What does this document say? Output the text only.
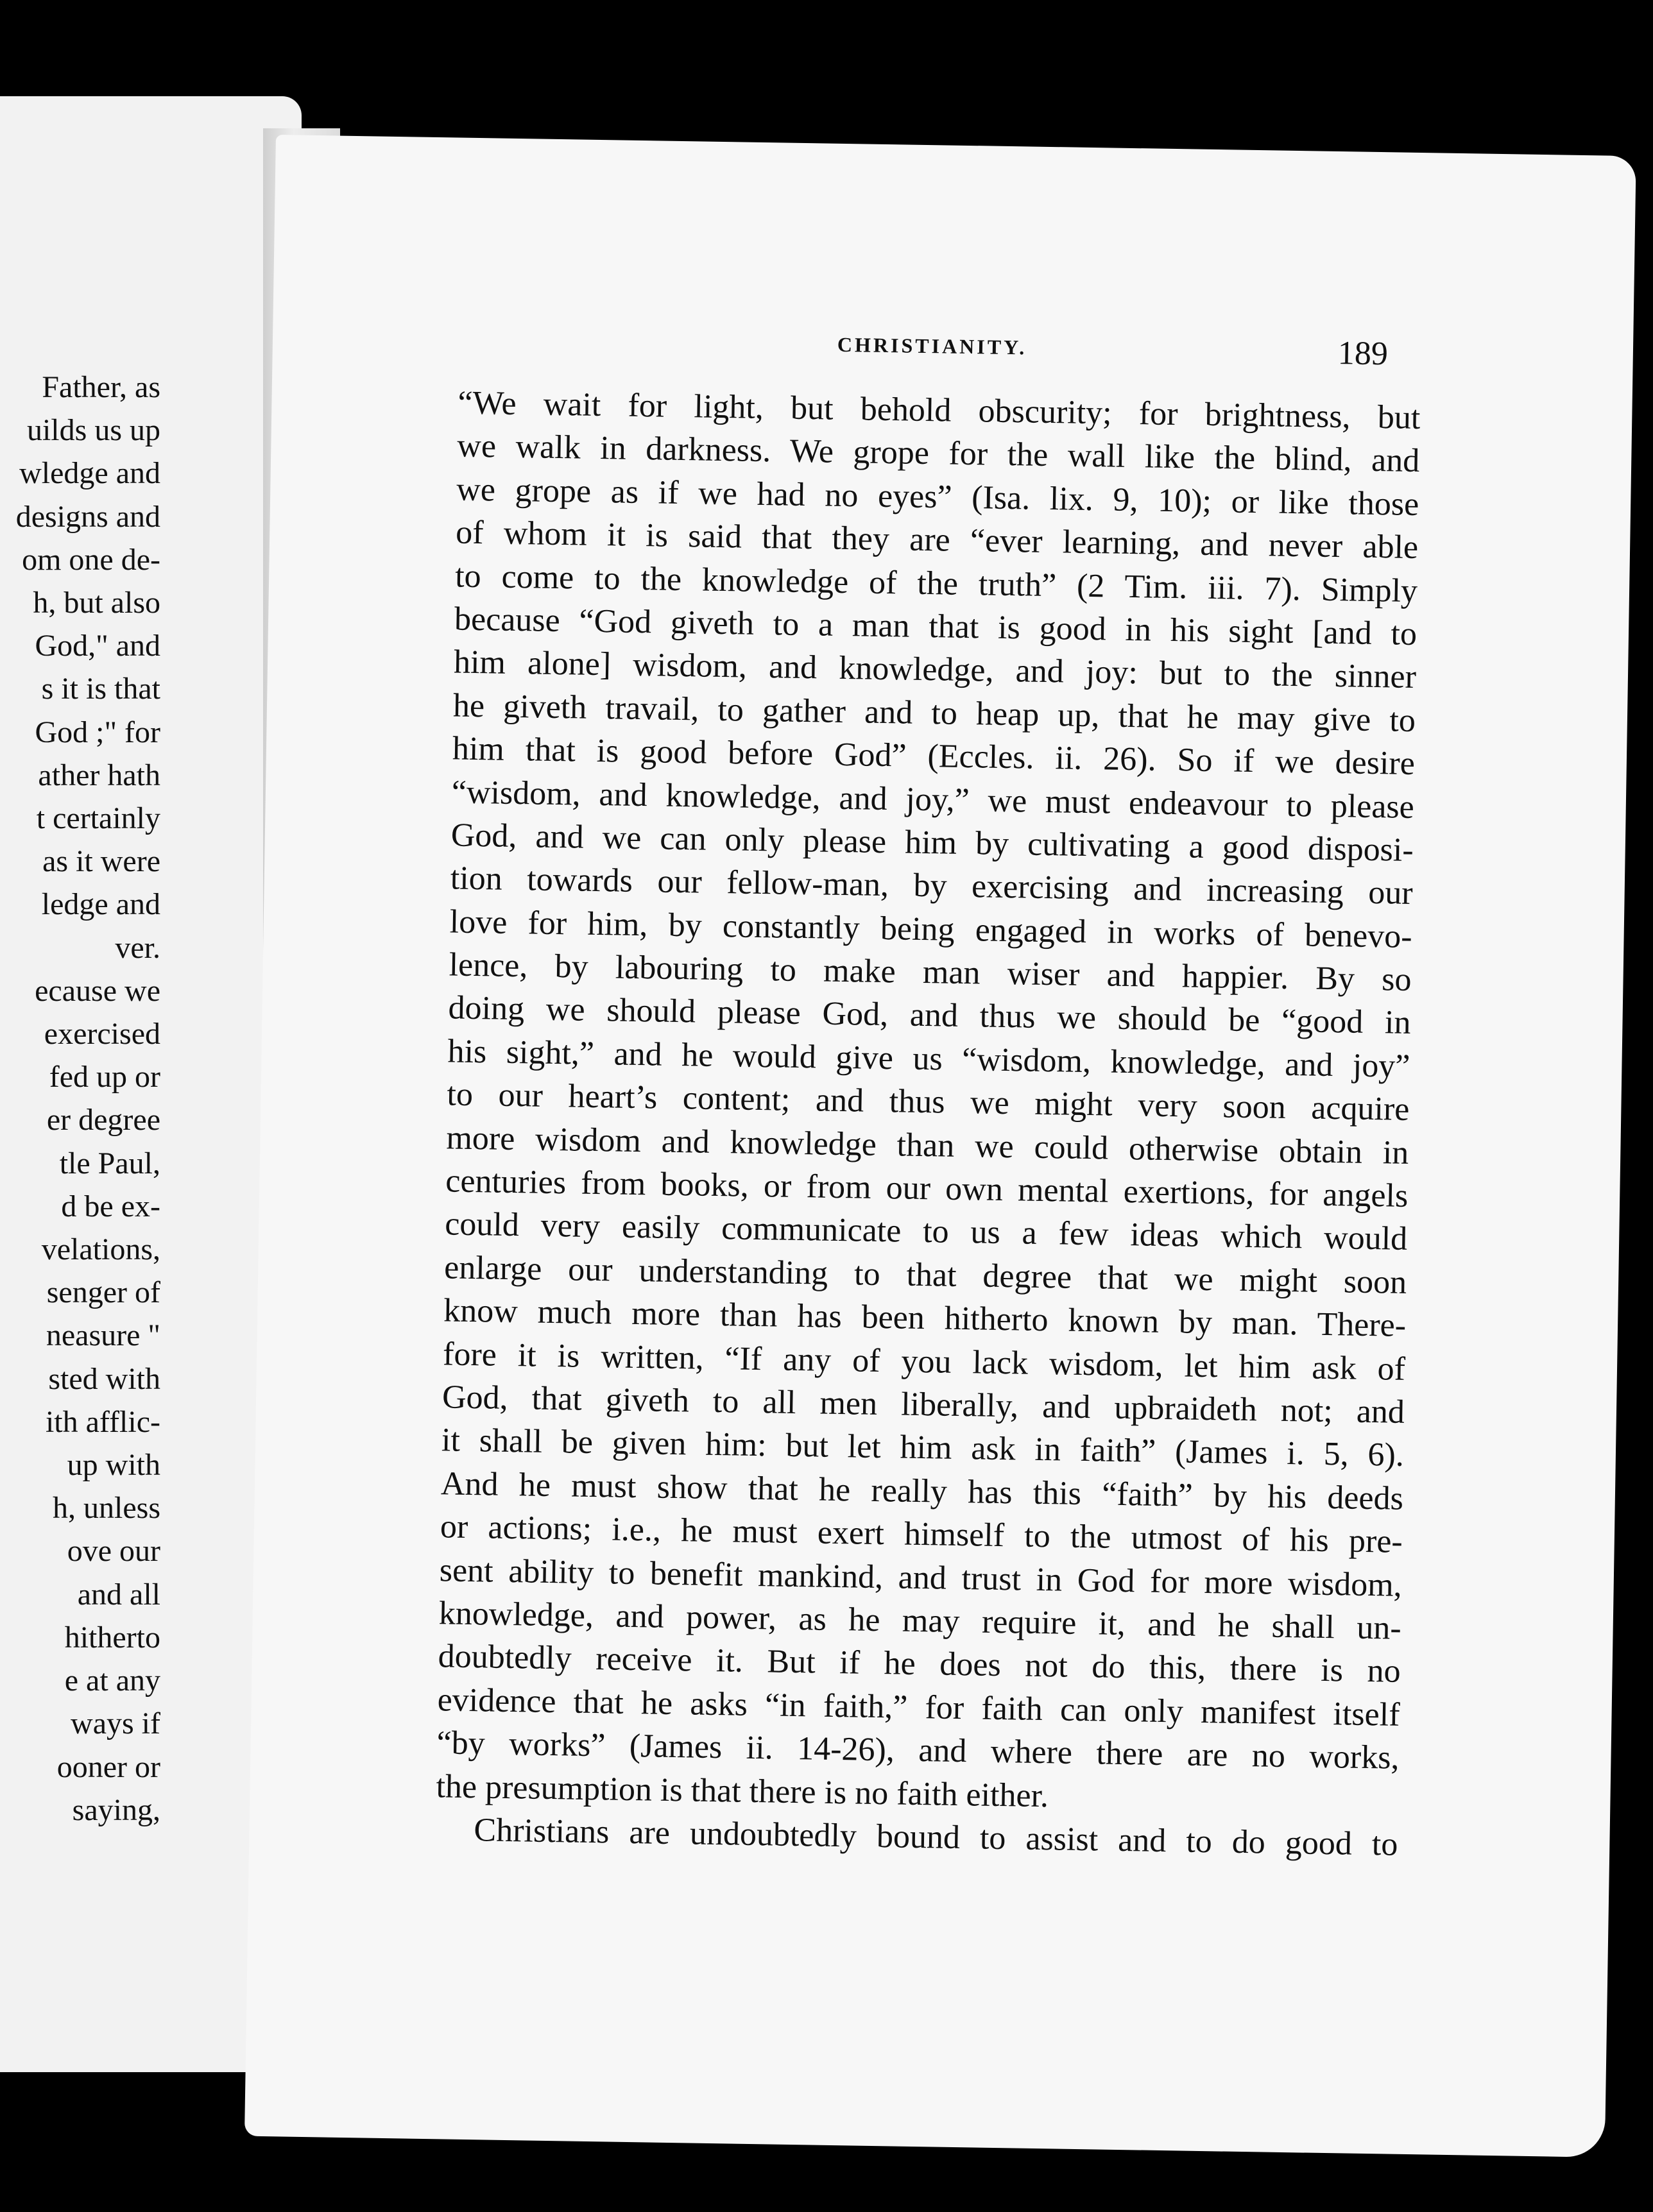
Father, as
uilds us up
wledge and
designs and
om one de-
h, but also
God," and
s it is that
God ;" for
ather hath
t certainly
as it were
ledge and
ver.
ecause we
exercised
fed up or
er degree
tle Paul,
d be ex-
velations,
senger of
neasure "
sted with
ith afflic-
up with
h, unless
ove our
and all
hitherto
e at any
ways if
ooner or
saying,
CHRISTIANITY.	189
“We wait for light, but behold obscurity; for brightness, but
we walk in darkness. We grope for the wall like the blind, and
we grope as if we had no eyes” (Isa. lix. 9, 10); or like those
of whom it is said that they are “ever learning, and never able
to come to the knowledge of the truth” (2 Tim. iii. 7). Simply
because “God giveth to a man that is good in his sight [and to
him alone] wisdom, and knowledge, and joy: but to the sinner
he giveth travail, to gather and to heap up, that he may give to
him that is good before God” (Eccles. ii. 26). So if we desire
“wisdom, and knowledge, and joy,” we must endeavour to please
God, and we can only please him by cultivating a good disposi-
tion towards our fellow-man, by exercising and increasing our
love for him, by constantly being engaged in works of benevo-
lence, by labouring to make man wiser and happier. By so
doing we should please God, and thus we should be “good in
his sight,” and he would give us “wisdom, knowledge, and joy”
to our heart’s content; and thus we might very soon acquire
more wisdom and knowledge than we could otherwise obtain in
centuries from books, or from our own mental exertions, for angels
could very easily communicate to us a few ideas which would
enlarge our understanding to that degree that we might soon
know much more than has been hitherto known by man. There-
fore it is written, “If any of you lack wisdom, let him ask of
God, that giveth to all men liberally, and upbraideth not; and
it shall be given him: but let him ask in faith” (James i. 5, 6).
And he must show that he really has this “faith” by his deeds
or actions; i.e., he must exert himself to the utmost of his pre-
sent ability to benefit mankind, and trust in God for more wisdom,
knowledge, and power, as he may require it, and he shall un-
doubtedly receive it. But if he does not do this, there is no
evidence that he asks “in faith,” for faith can only manifest itself
“by works” (James ii. 14-26), and where there are no works,
the presumption is that there is no faith either.
Christians are undoubtedly bound to assist and to do good to
